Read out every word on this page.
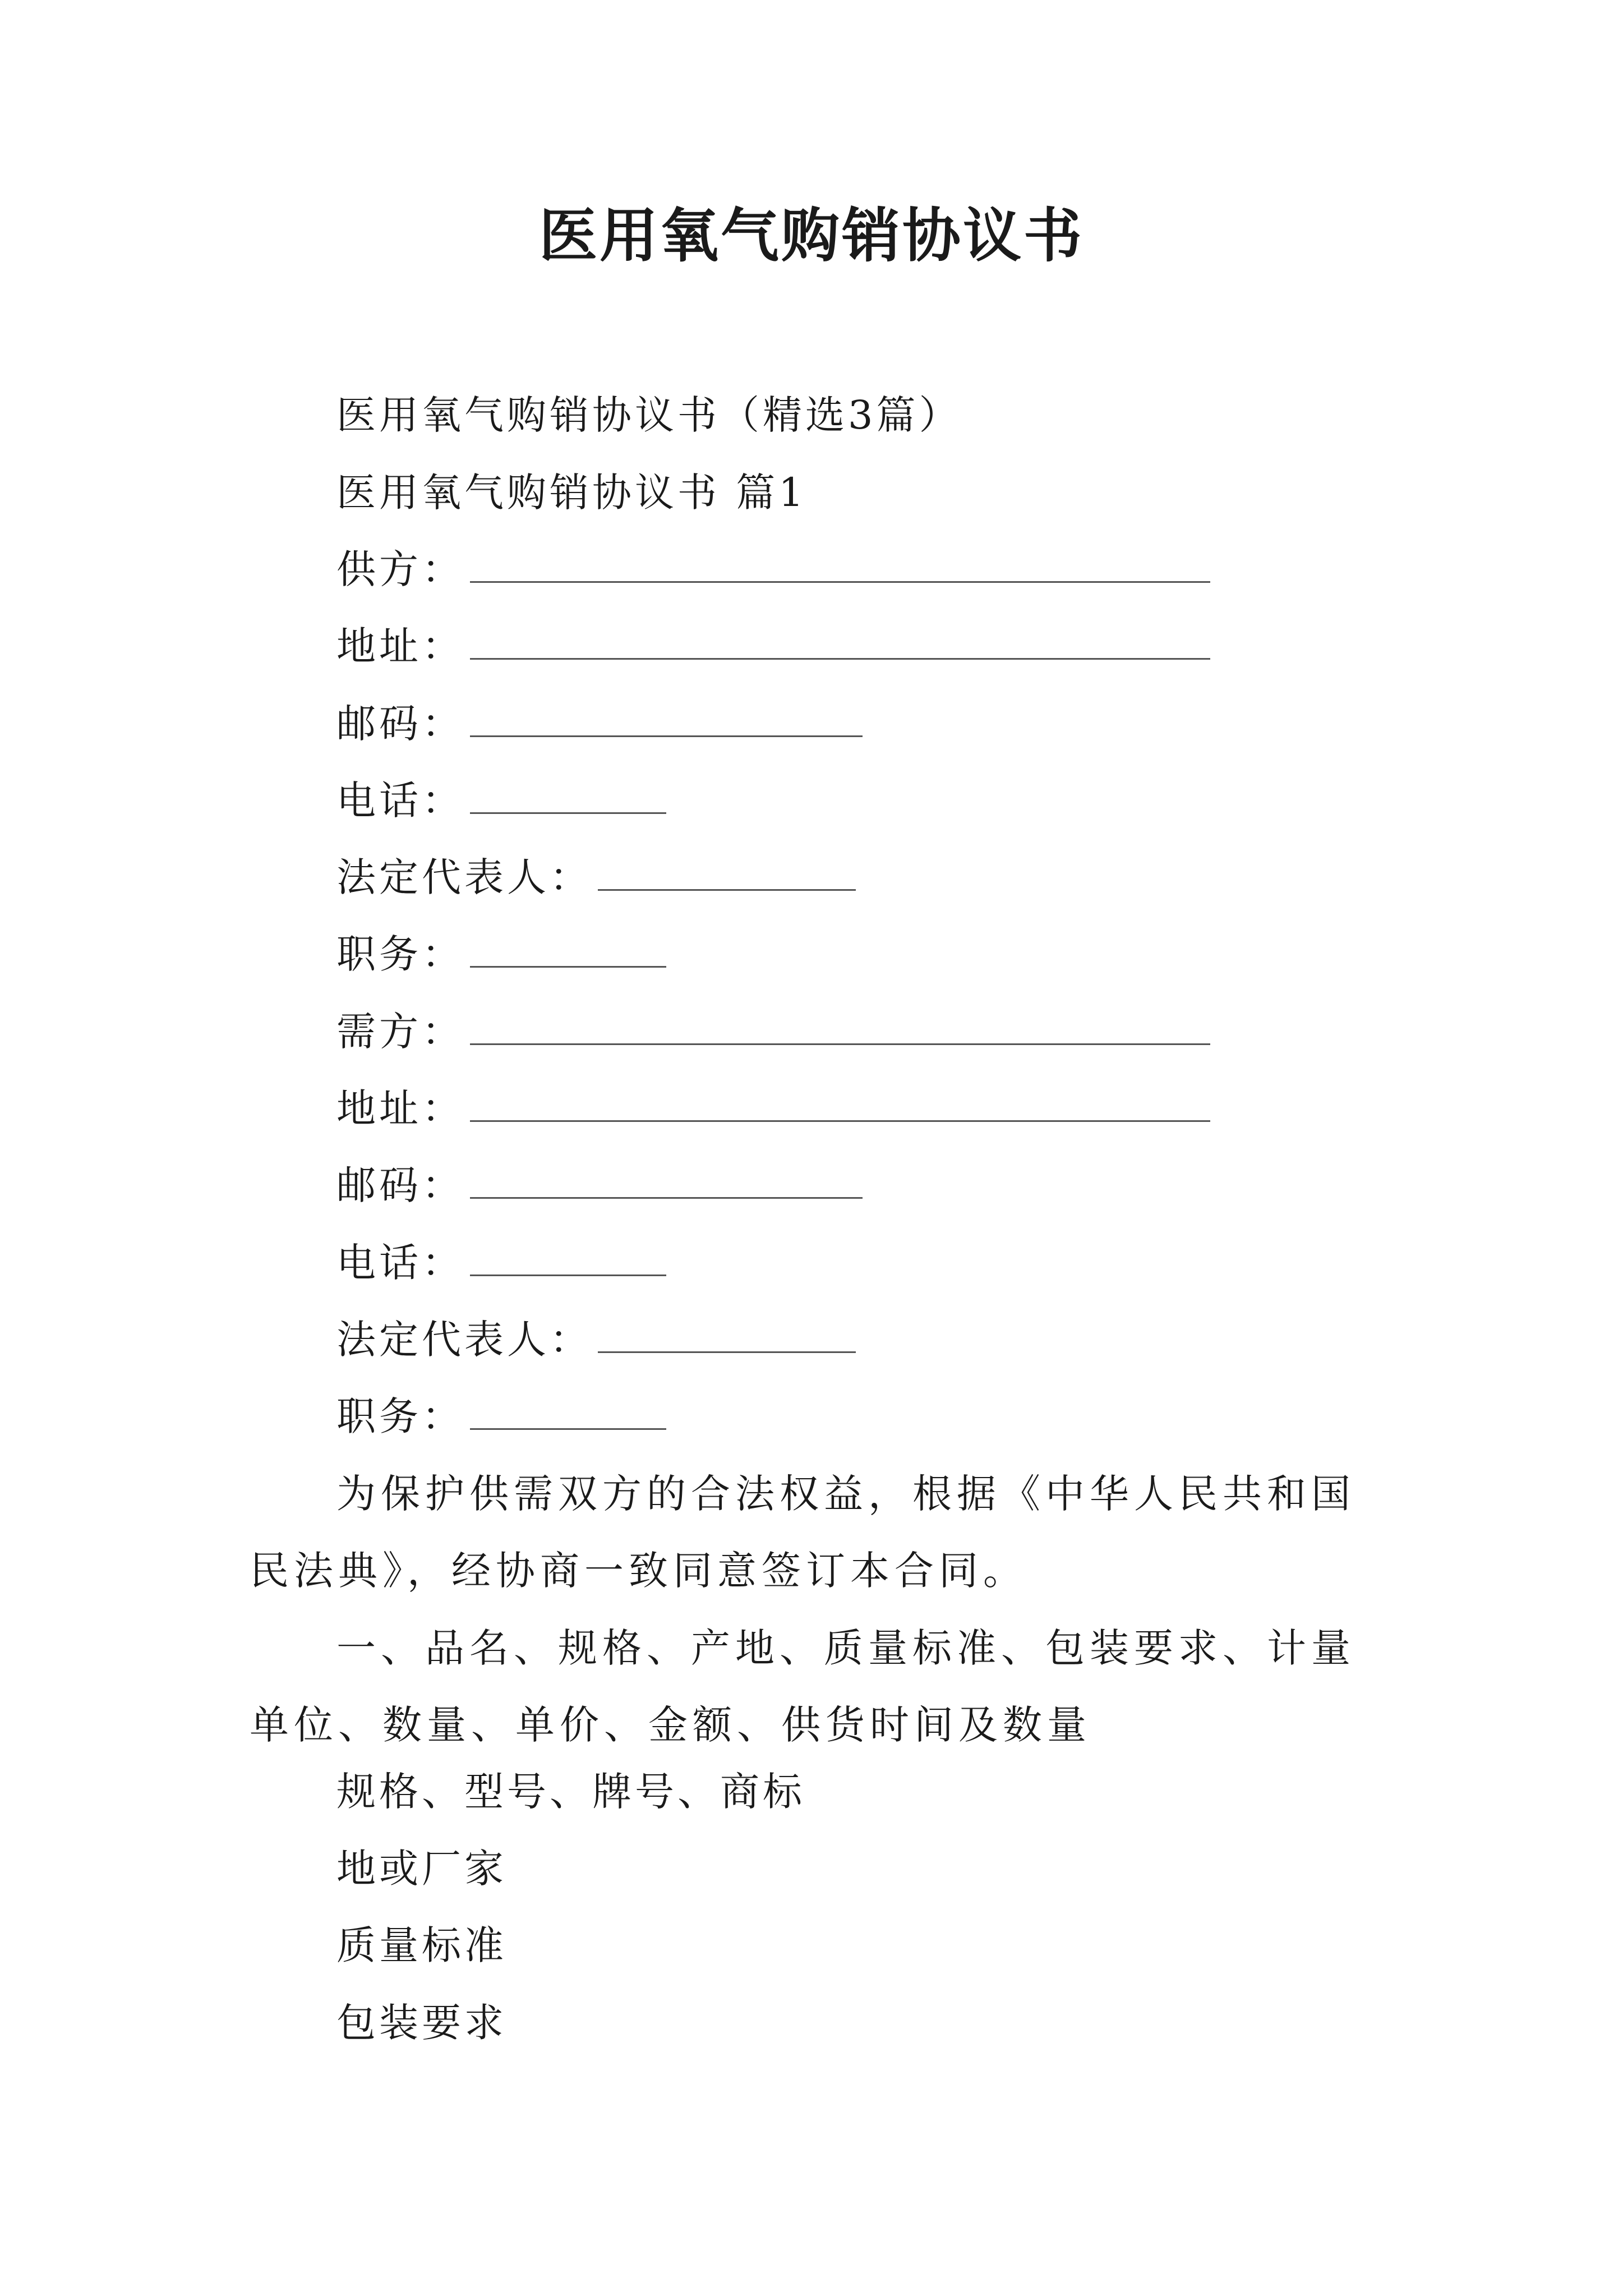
医用氧气购销协议书
医用氧气购销协议书（精选3篇）
医用氧气购销协议书 篇1
供方：
地址：
邮码：
电话：
法定代表人：
职务：
需方：
地址：
邮码：
电话：
法定代表人：
职务：

为保护供需双方的合法权益，根据《中华人民共和国民法典》，经协商一致同意签订本合同。

一、品名、规格、产地、质量标准、包装要求、计量单位、数量、单价、金额、供货时间及数量

规格、型号、牌号、商标
地或厂家
质量标准
包装要求
